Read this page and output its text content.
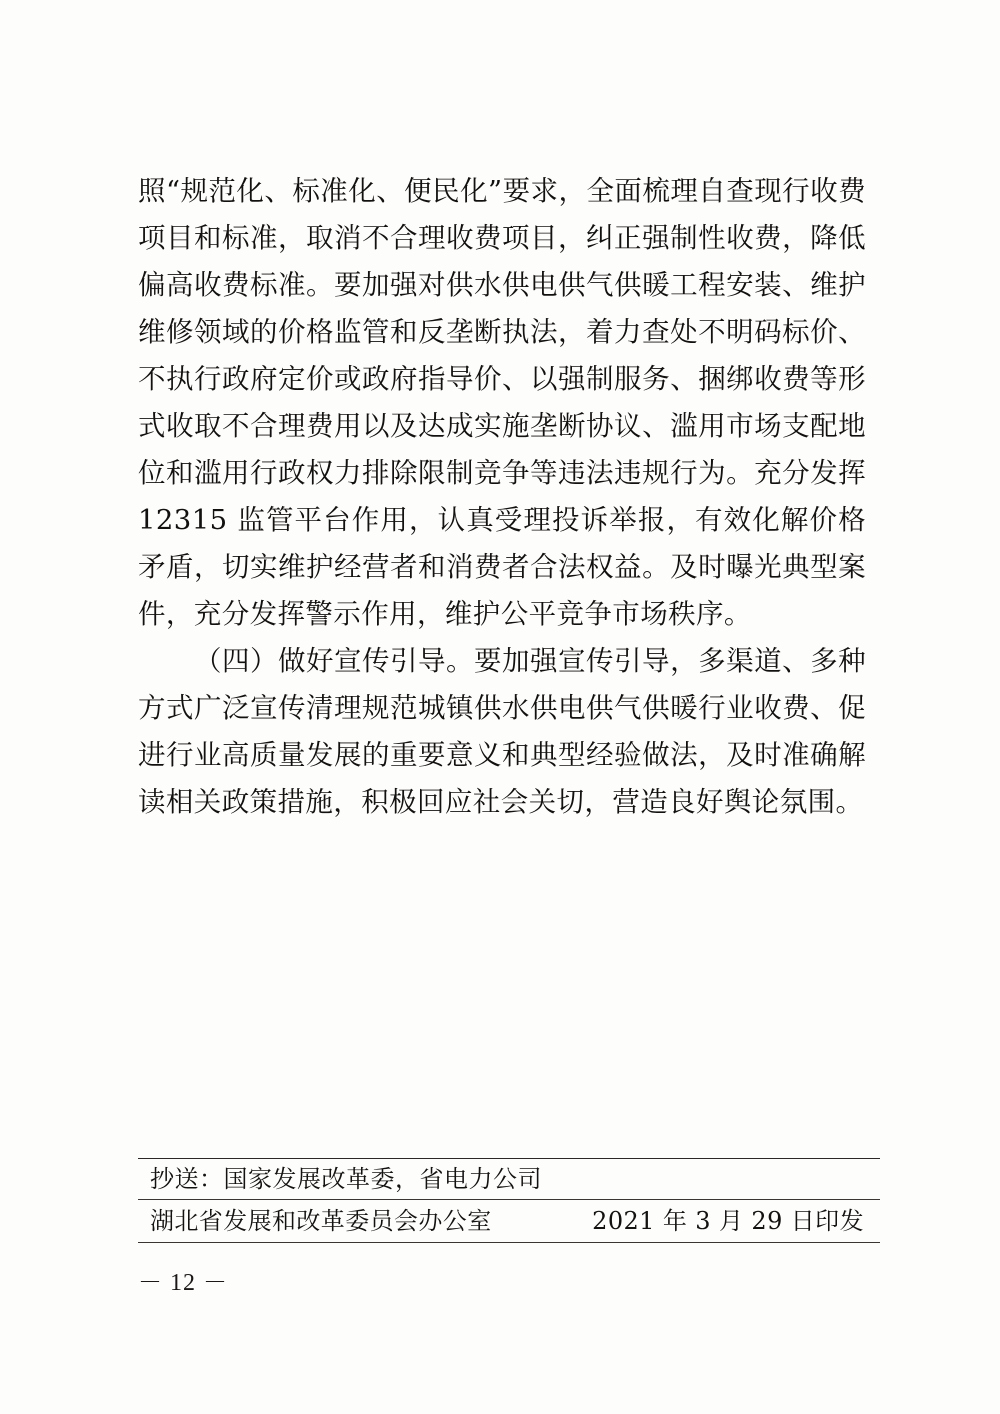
照“规范化、标准化、便民化”要求，全面梳理自查现行收费项目和标准，取消不合理收费项目，纠正强制性收费，降低偏高收费标准。要加强对供水供电供气供暖工程安装、维护维修领域的价格监管和反垄断执法，着力查处不明码标价、不执行政府定价或政府指导价、以强制服务、捆绑收费等形式收取不合理费用以及达成实施垄断协议、滥用市场支配地位和滥用行政权力排除限制竞争等违法违规行为。充分发挥 12315 监管平台作用，认真受理投诉举报，有效化解价格矛盾，切实维护经营者和消费者合法权益。及时曝光典型案件，充分发挥警示作用，维护公平竞争市场秩序。

（四）做好宣传引导。要加强宣传引导，多渠道、多种方式广泛宣传清理规范城镇供水供电供气供暖行业收费、促进行业高质量发展的重要意义和典型经验做法，及时准确解读相关政策措施，积极回应社会关切，营造良好舆论氛围。

抄送：国家发展改革委，省电力公司
湖北省发展和改革委员会办公室	2021 年 3 月 29 日印发
－ 12 －
